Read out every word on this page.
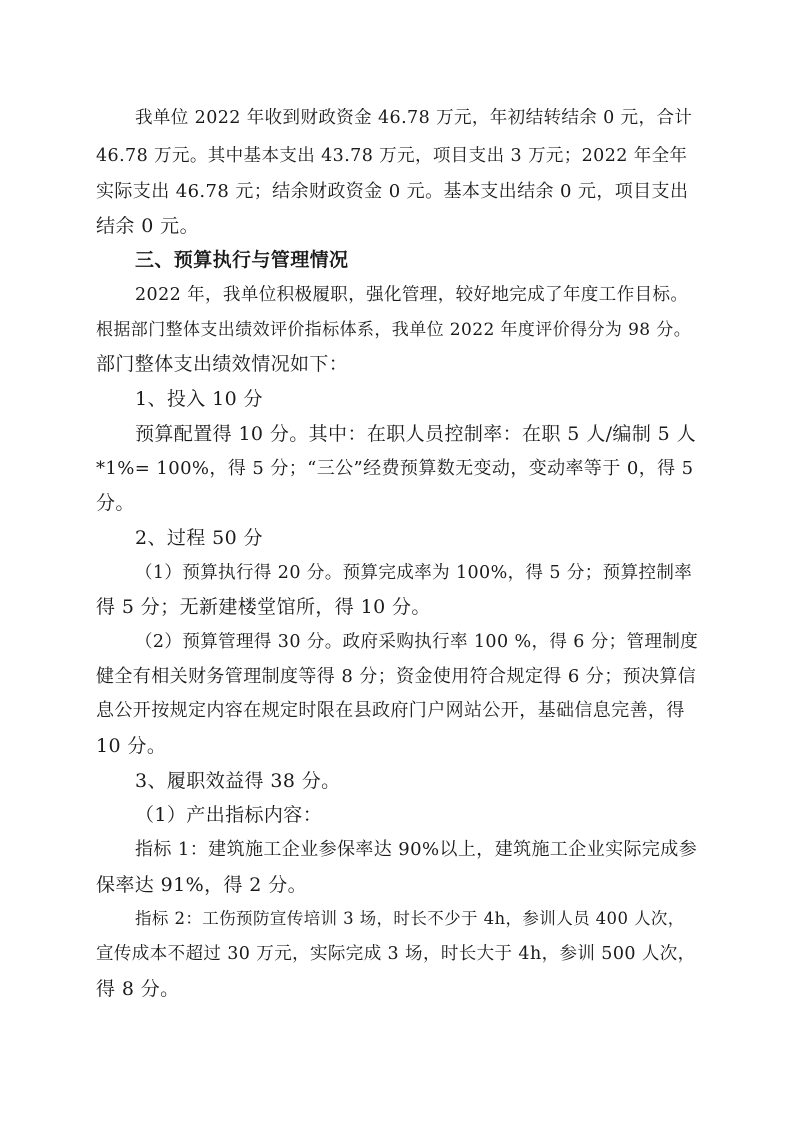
我单位 2022 年收到财政资金 46.78 万元，年初结转结余 0 元，合计
46.78 万元。其中基本支出 43.78 万元，项目支出 3 万元；2022 年全年
实际支出 46.78 元；结余财政资金 0 元。基本支出结余 0 元，项目支出
结余 0 元。
三、预算执行与管理情况
2022 年，我单位积极履职，强化管理，较好地完成了年度工作目标。
根据部门整体支出绩效评价指标体系，我单位 2022 年度评价得分为 98 分。
部门整体支出绩效情况如下：
1、投入 10 分
预算配置得 10 分。其中：在职人员控制率：在职 5 人/编制 5 人
*1%= 100%，得 5 分；“三公”经费预算数无变动，变动率等于 0，得 5
分。
2、过程 50 分
（1）预算执行得 20 分。预算完成率为 100%，得 5 分；预算控制率
得 5 分；无新建楼堂馆所，得 10 分。
（2）预算管理得 30 分。政府采购执行率 100 %，得 6 分；管理制度
健全有相关财务管理制度等得 8 分；资金使用符合规定得 6 分；预决算信
息公开按规定内容在规定时限在县政府门户网站公开，基础信息完善，得
10 分。
3、履职效益得 38 分。
（1）产出指标内容：
指标 1：建筑施工企业参保率达 90%以上，建筑施工企业实际完成参
保率达 91%，得 2 分。
指标 2：工伤预防宣传培训 3 场，时长不少于 4h，参训人员 400 人次，
宣传成本不超过 30 万元，实际完成 3 场，时长大于 4h，参训 500 人次，
得 8 分。
